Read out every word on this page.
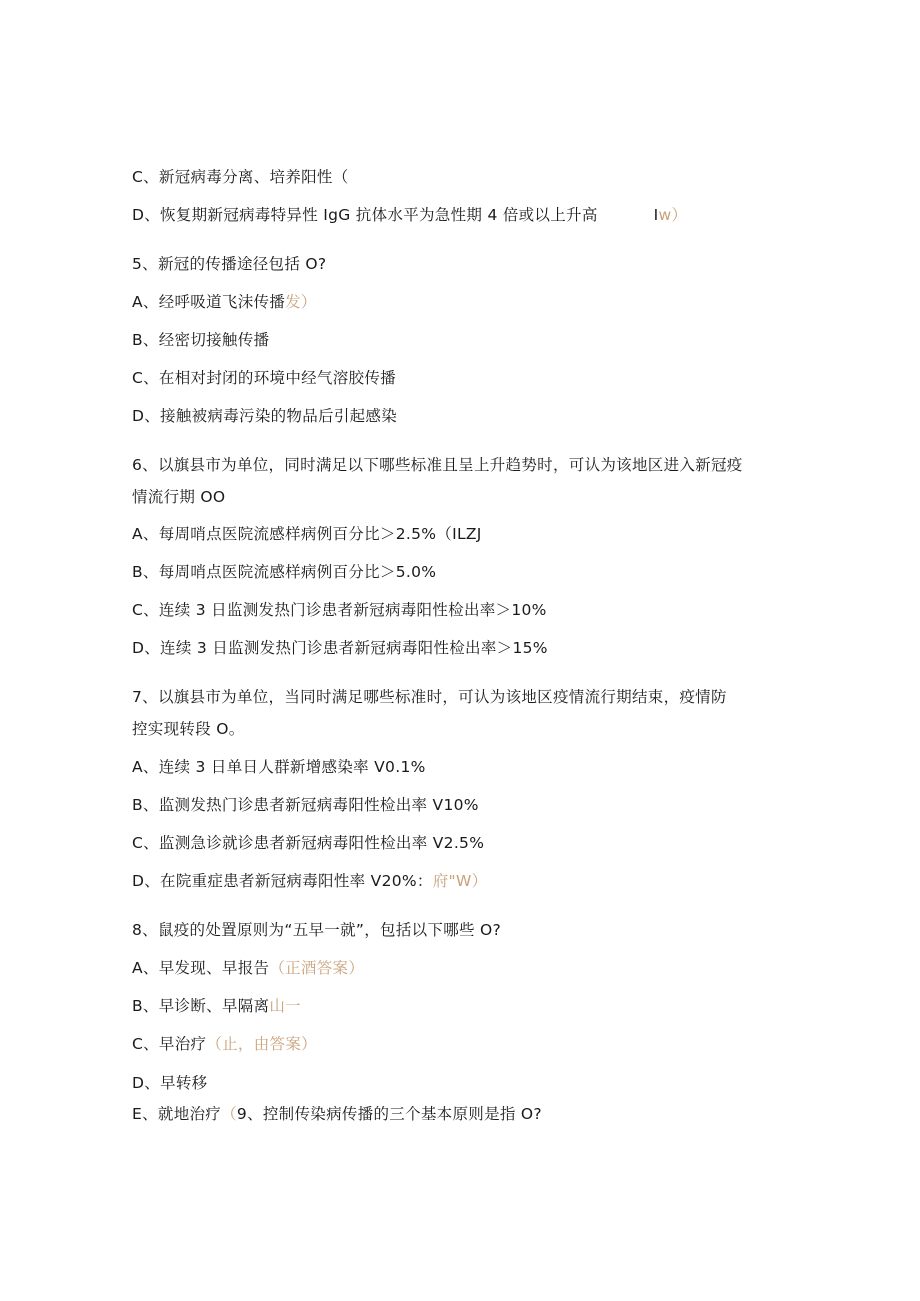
C、新冠病毒分离、培养阳性（
D、恢复期新冠病毒特异性 IgG 抗体水平为急性期 4 倍或以上升高	Iw）
5、新冠的传播途径包括 O?
A、经呼吸道飞沫传播发）
B、经密切接触传播
C、在相对封闭的环境中经气溶胶传播
D、接触被病毒污染的物品后引起感染
6、以旗县市为单位，同时满足以下哪些标准且呈上升趋势时，可认为该地区进入新冠疫
情流行期 OO
A、每周哨点医院流感样病例百分比＞2.5%（ILZJ
B、每周哨点医院流感样病例百分比＞5.0%
C、连续 3 日监测发热门诊患者新冠病毒阳性检出率＞10%
D、连续 3 日监测发热门诊患者新冠病毒阳性检出率＞15%
7、以旗县市为单位，当同时满足哪些标准时，可认为该地区疫情流行期结束，疫情防
控实现转段 O。
A、连续 3 日单日人群新增感染率 V0.1%
B、监测发热门诊患者新冠病毒阳性检出率 V10%
C、监测急诊就诊患者新冠病毒阳性检出率 V2.5%
D、在院重症患者新冠病毒阳性率 V20%：府"W）
8、鼠疫的处置原则为“五早一就”，包括以下哪些 O?
A、早发现、早报告（正酒答案）
B、早诊断、早隔离山一
C、早治疗（止，由答案）
D、早转移
E、就地治疗（9、控制传染病传播的三个基本原则是指 O?
